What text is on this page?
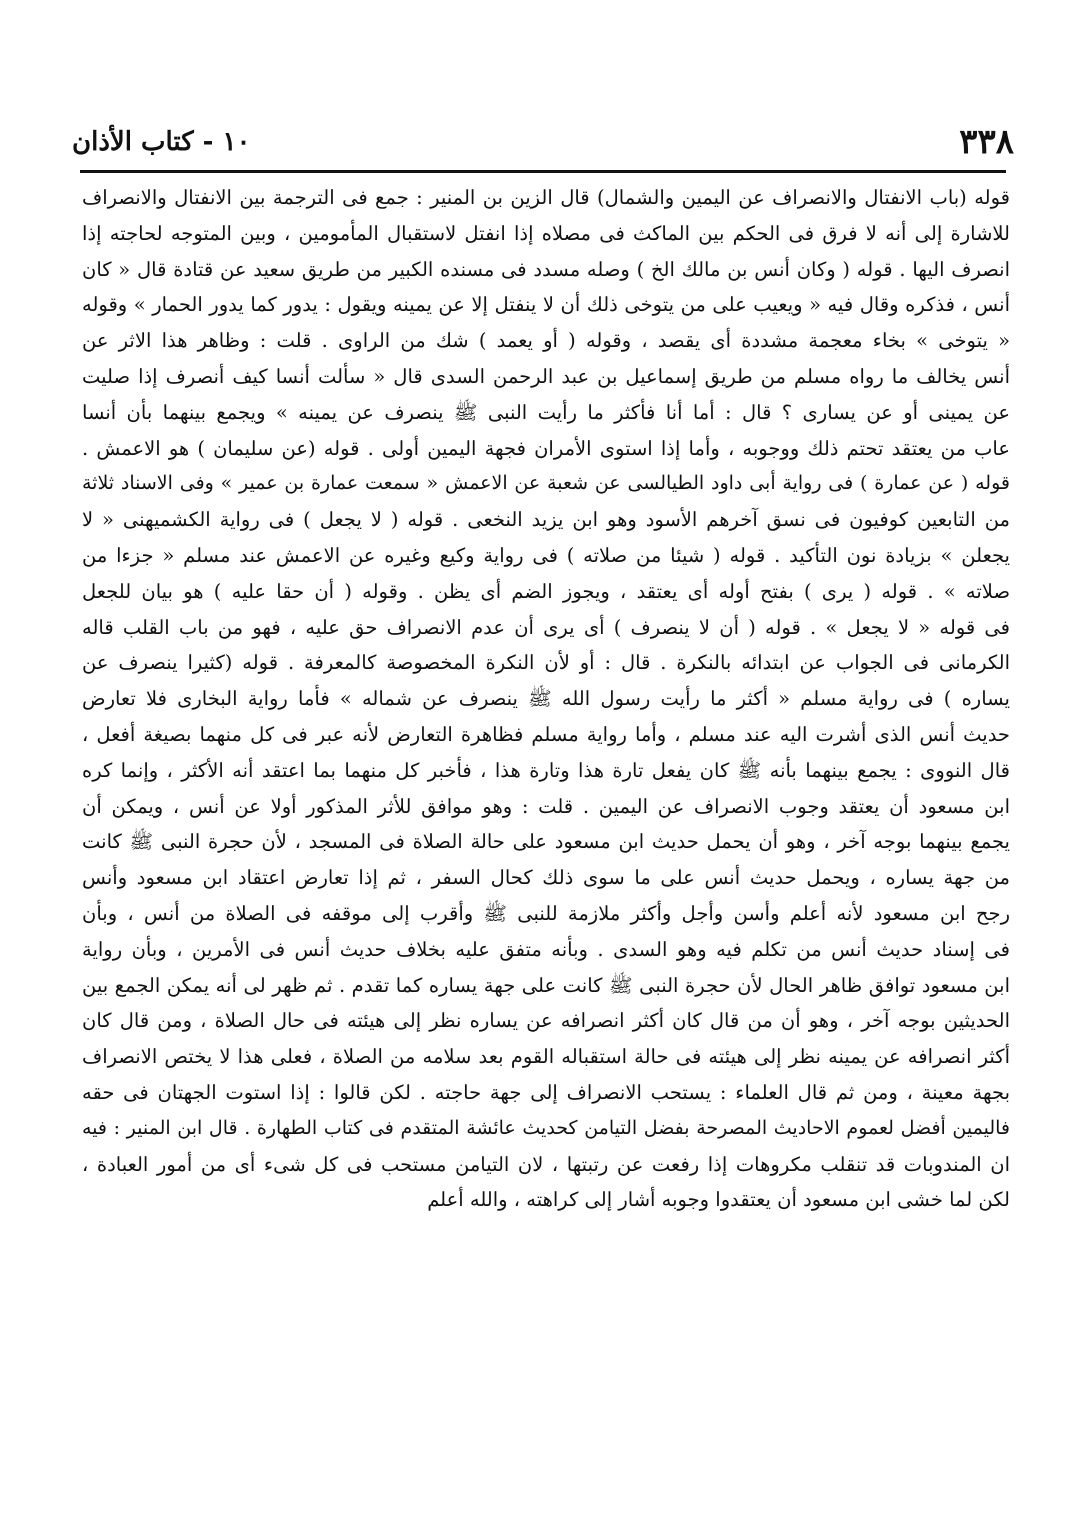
٣٣٨
١٠ - كتاب الأذان
قوله (باب الانفتال والانصراف عن اليمين والشمال) قال الزين بن المنير : جمع فى الترجمة بين الانفتال والانصراف
للاشارة إلى أنه لا فرق فى الحكم بين الماكث فى مصلاه إذا انفتل لاستقبال المأمومين ، وبين المتوجه لحاجته إذا
انصرف اليها . قوله ( وكان أنس بن مالك الخ ) وصله مسدد فى مسنده الكبير من طريق سعيد عن قتادة قال « كان
أنس ، فذكره وقال فيه « ويعيب على من يتوخى ذلك أن لا ينفتل إلا عن يمينه ويقول : يدور كما يدور الحمار » وقوله
« يتوخى » بخاء معجمة مشددة أى يقصد ، وقوله ( أو يعمد ) شك من الراوى . قلت : وظاهر هذا الاثر عن
أنس يخالف ما رواه مسلم من طريق إسماعيل بن عبد الرحمن السدى قال « سألت أنسا كيف أنصرف إذا صليت
عن يمينى أو عن يسارى ؟ قال : أما أنا فأكثر ما رأيت النبى ﷺ ينصرف عن يمينه » ويجمع بينهما بأن أنسا
عاب من يعتقد تحتم ذلك ووجوبه ، وأما إذا استوى الأمران فجهة اليمين أولى . قوله (عن سليمان ) هو الاعمش .
قوله ( عن عمارة ) فى رواية أبى داود الطيالسى عن شعبة عن الاعمش « سمعت عمارة بن عمير » وفى الاسناد ثلاثة
من التابعين كوفيون فى نسق آخرهم الأسود وهو ابن يزيد النخعى . قوله ( لا يجعل ) فى رواية الكشميهنى « لا
يجعلن » بزيادة نون التأكيد . قوله ( شيئا من صلاته ) فى رواية وكيع وغيره عن الاعمش عند مسلم « جزءا من
صلاته » . قوله ( يرى ) بفتح أوله أى يعتقد ، ويجوز الضم أى يظن . وقوله ( أن حقا عليه ) هو بيان للجعل
فى قوله « لا يجعل » . قوله ( أن لا ينصرف ) أى يرى أن عدم الانصراف حق عليه ، فهو من باب القلب قاله
الكرمانى فى الجواب عن ابتدائه بالنكرة . قال : أو لأن النكرة المخصوصة كالمعرفة . قوله (كثيرا ينصرف عن
يساره ) فى رواية مسلم « أكثر ما رأيت رسول الله ﷺ ينصرف عن شماله » فأما رواية البخارى فلا تعارض
حديث أنس الذى أشرت اليه عند مسلم ، وأما رواية مسلم فظاهرة التعارض لأنه عبر فى كل منهما بصيغة أفعل ،
قال النووى : يجمع بينهما بأنه ﷺ كان يفعل تارة هذا وتارة هذا ، فأخبر كل منهما بما اعتقد أنه الأكثر ، وإنما كره
ابن مسعود أن يعتقد وجوب الانصراف عن اليمين . قلت : وهو موافق للأثر المذكور أولا عن أنس ، ويمكن أن
يجمع بينهما بوجه آخر ، وهو أن يحمل حديث ابن مسعود على حالة الصلاة فى المسجد ، لأن حجرة النبى ﷺ كانت
من جهة يساره ، ويحمل حديث أنس على ما سوى ذلك كحال السفر ، ثم إذا تعارض اعتقاد ابن مسعود وأنس
رجح ابن مسعود لأنه أعلم وأسن وأجل وأكثر ملازمة للنبى ﷺ وأقرب إلى موقفه فى الصلاة من أنس ، وبأن
فى إسناد حديث أنس من تكلم فيه وهو السدى . وبأنه متفق عليه بخلاف حديث أنس فى الأمرين ، وبأن رواية
ابن مسعود توافق ظاهر الحال لأن حجرة النبى ﷺ كانت على جهة يساره كما تقدم . ثم ظهر لى أنه يمكن الجمع بين
الحديثين بوجه آخر ، وهو أن من قال كان أكثر انصرافه عن يساره نظر إلى هيئته فى حال الصلاة ، ومن قال كان
أكثر انصرافه عن يمينه نظر إلى هيئته فى حالة استقباله القوم بعد سلامه من الصلاة ، فعلى هذا لا يختص الانصراف
بجهة معينة ، ومن ثم قال العلماء : يستحب الانصراف إلى جهة حاجته . لكن قالوا : إذا استوت الجهتان فى حقه
فاليمين أفضل لعموم الاحاديث المصرحة بفضل التيامن كحديث عائشة المتقدم فى كتاب الطهارة . قال ابن المنير : فيه
ان المندوبات قد تنقلب مكروهات إذا رفعت عن رتبتها ، لان التيامن مستحب فى كل شىء أى من أمور العبادة ،
لكن لما خشى ابن مسعود أن يعتقدوا وجوبه أشار إلى كراهته ، والله أعلم
